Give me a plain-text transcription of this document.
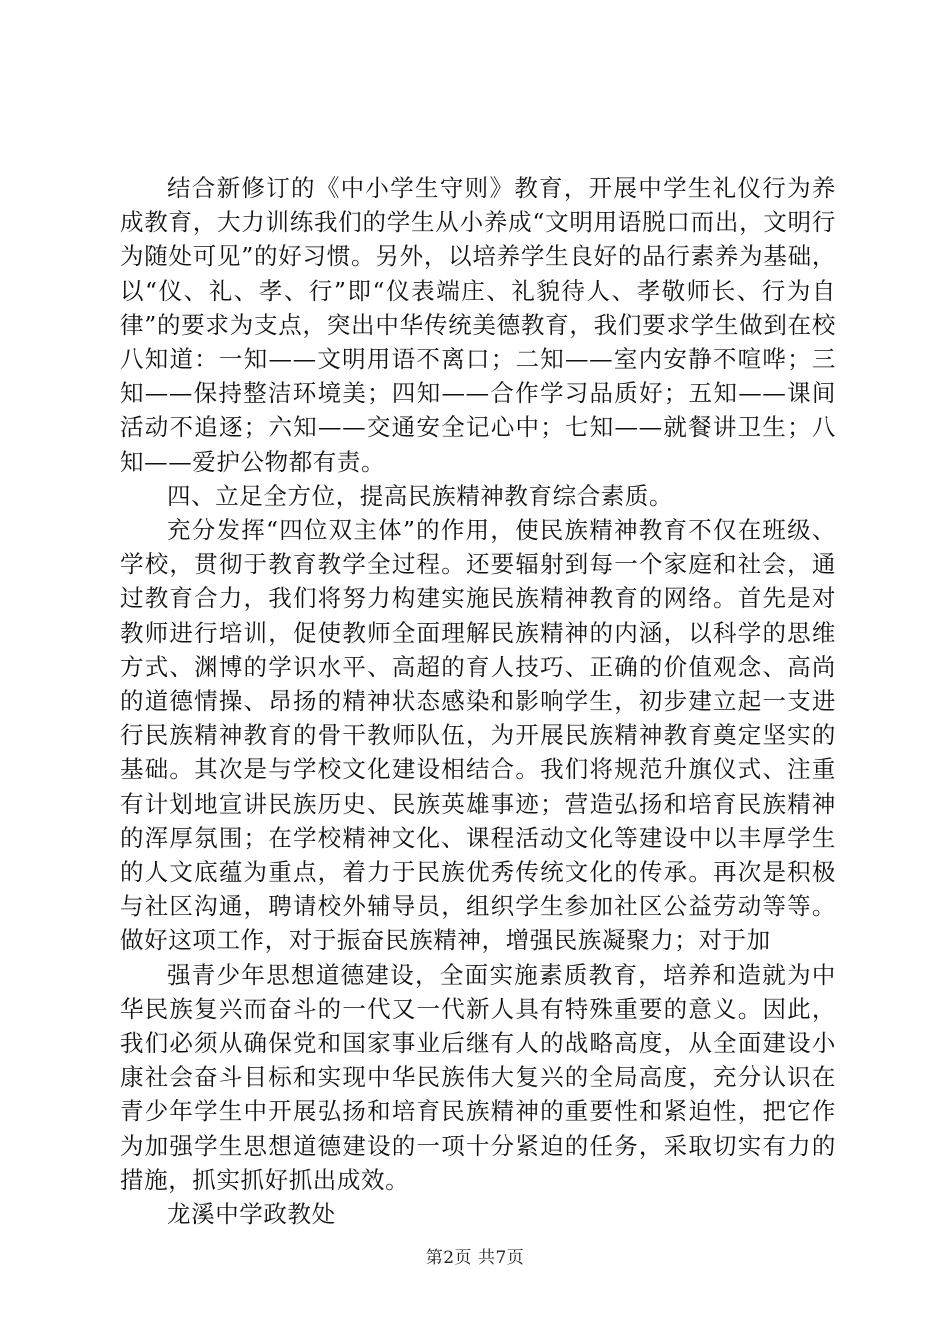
结合新修订的《中小学生守则》教育，开展中学生礼仪行为养成教育，大力训练我们的学生从小养成“文明用语脱口而出，文明行为随处可见”的好习惯。另外，以培养学生良好的品行素养为基础，以“仪、礼、孝、行”即“仪表端庄、礼貌待人、孝敬师长、行为自律”的要求为支点，突出中华传统美德教育，我们要求学生做到在校八知道：一知——文明用语不离口；二知——室内安静不喧哗；三知——保持整洁环境美；四知——合作学习品质好；五知——课间活动不追逐；六知——交通安全记心中；七知——就餐讲卫生；八知——爱护公物都有责。

四、立足全方位，提高民族精神教育综合素质。

充分发挥“四位双主体”的作用，使民族精神教育不仅在班级、学校，贯彻于教育教学全过程。还要辐射到每一个家庭和社会，通过教育合力，我们将努力构建实施民族精神教育的网络。首先是对教师进行培训，促使教师全面理解民族精神的内涵，以科学的思维方式、渊博的学识水平、高超的育人技巧、正确的价值观念、高尚的道德情操、昂扬的精神状态感染和影响学生，初步建立起一支进行民族精神教育的骨干教师队伍，为开展民族精神教育奠定坚实的基础。其次是与学校文化建设相结合。我们将规范升旗仪式、注重有计划地宣讲民族历史、民族英雄事迹；营造弘扬和培育民族精神的浑厚氛围；在学校精神文化、课程活动文化等建设中以丰厚学生的人文底蕴为重点，着力于民族优秀传统文化的传承。再次是积极与社区沟通，聘请校外辅导员，组织学生参加社区公益劳动等等。做好这项工作，对于振奋民族精神，增强民族凝聚力；对于加

强青少年思想道德建设，全面实施素质教育，培养和造就为中华民族复兴而奋斗的一代又一代新人具有特殊重要的意义。因此，我们必须从确保党和国家事业后继有人的战略高度，从全面建设小康社会奋斗目标和实现中华民族伟大复兴的全局高度，充分认识在青少年学生中开展弘扬和培育民族精神的重要性和紧迫性，把它作为加强学生思想道德建设的一项十分紧迫的任务，采取切实有力的措施，抓实抓好抓出成效。

龙溪中学政教处

第2页 共7页
